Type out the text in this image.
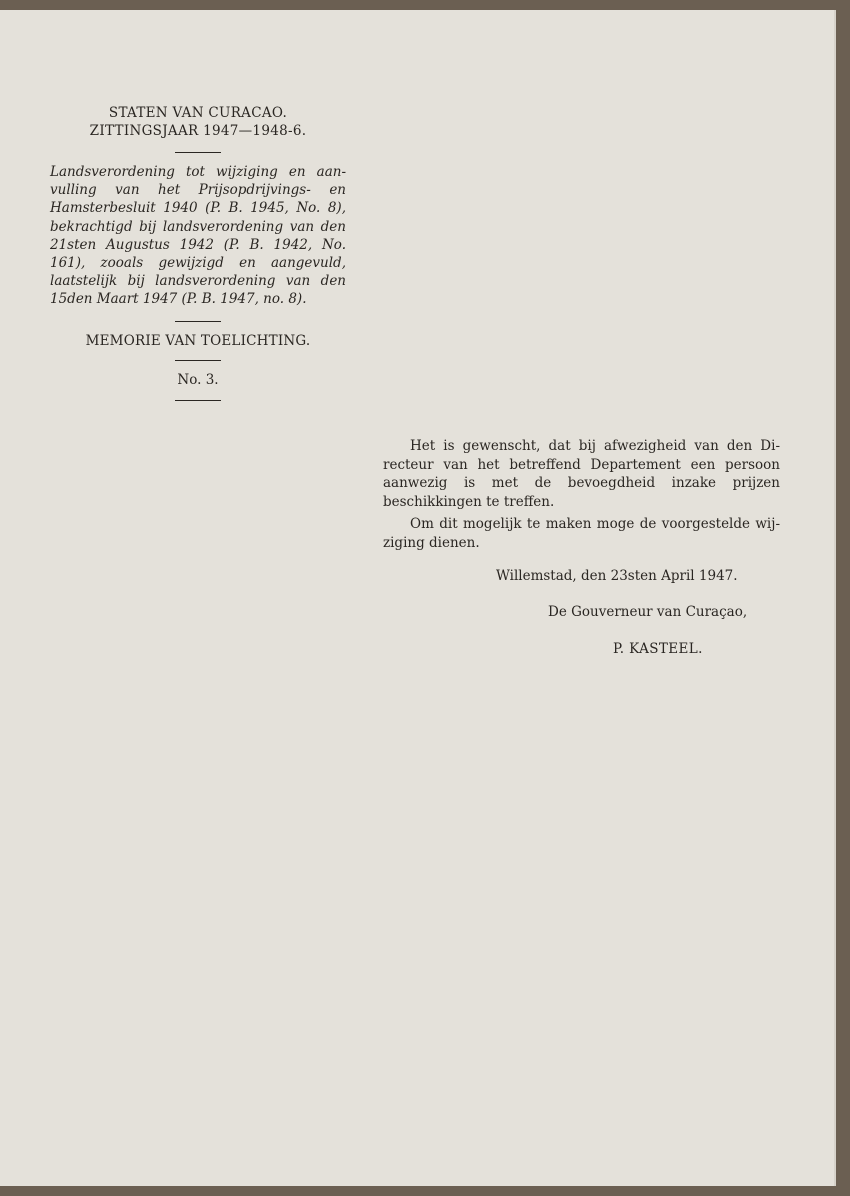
STATEN VAN CURACAO.
ZITTINGSJAAR 1947—1948-6.
Landsverordening tot wijziging en aanvulling van het Prijsopdrijvings- en Hamsterbesluit 1940 (P. B. 1945, No. 8), bekrachtigd bij landsverordening van den 21sten Augustus 1942 (P. B. 1942, No. 161), zooals gewijzigd en aangevuld, laatstelijk bij landsverordening van den 15den Maart 1947 (P. B. 1947, no. 8).
MEMORIE VAN TOELICHTING.
No. 3.

Het is gewenscht, dat bij afwezigheid van den Directeur van het betreffend Departement een persoon aanwezig is met de bevoegdheid inzake prijzen beschikkingen te treffen.

Om dit mogelijk te maken moge de voorgestelde wijziging dienen.

Willemstad, den 23sten April 1947.
De Gouverneur van Curaçao,
P. KASTEEL.
